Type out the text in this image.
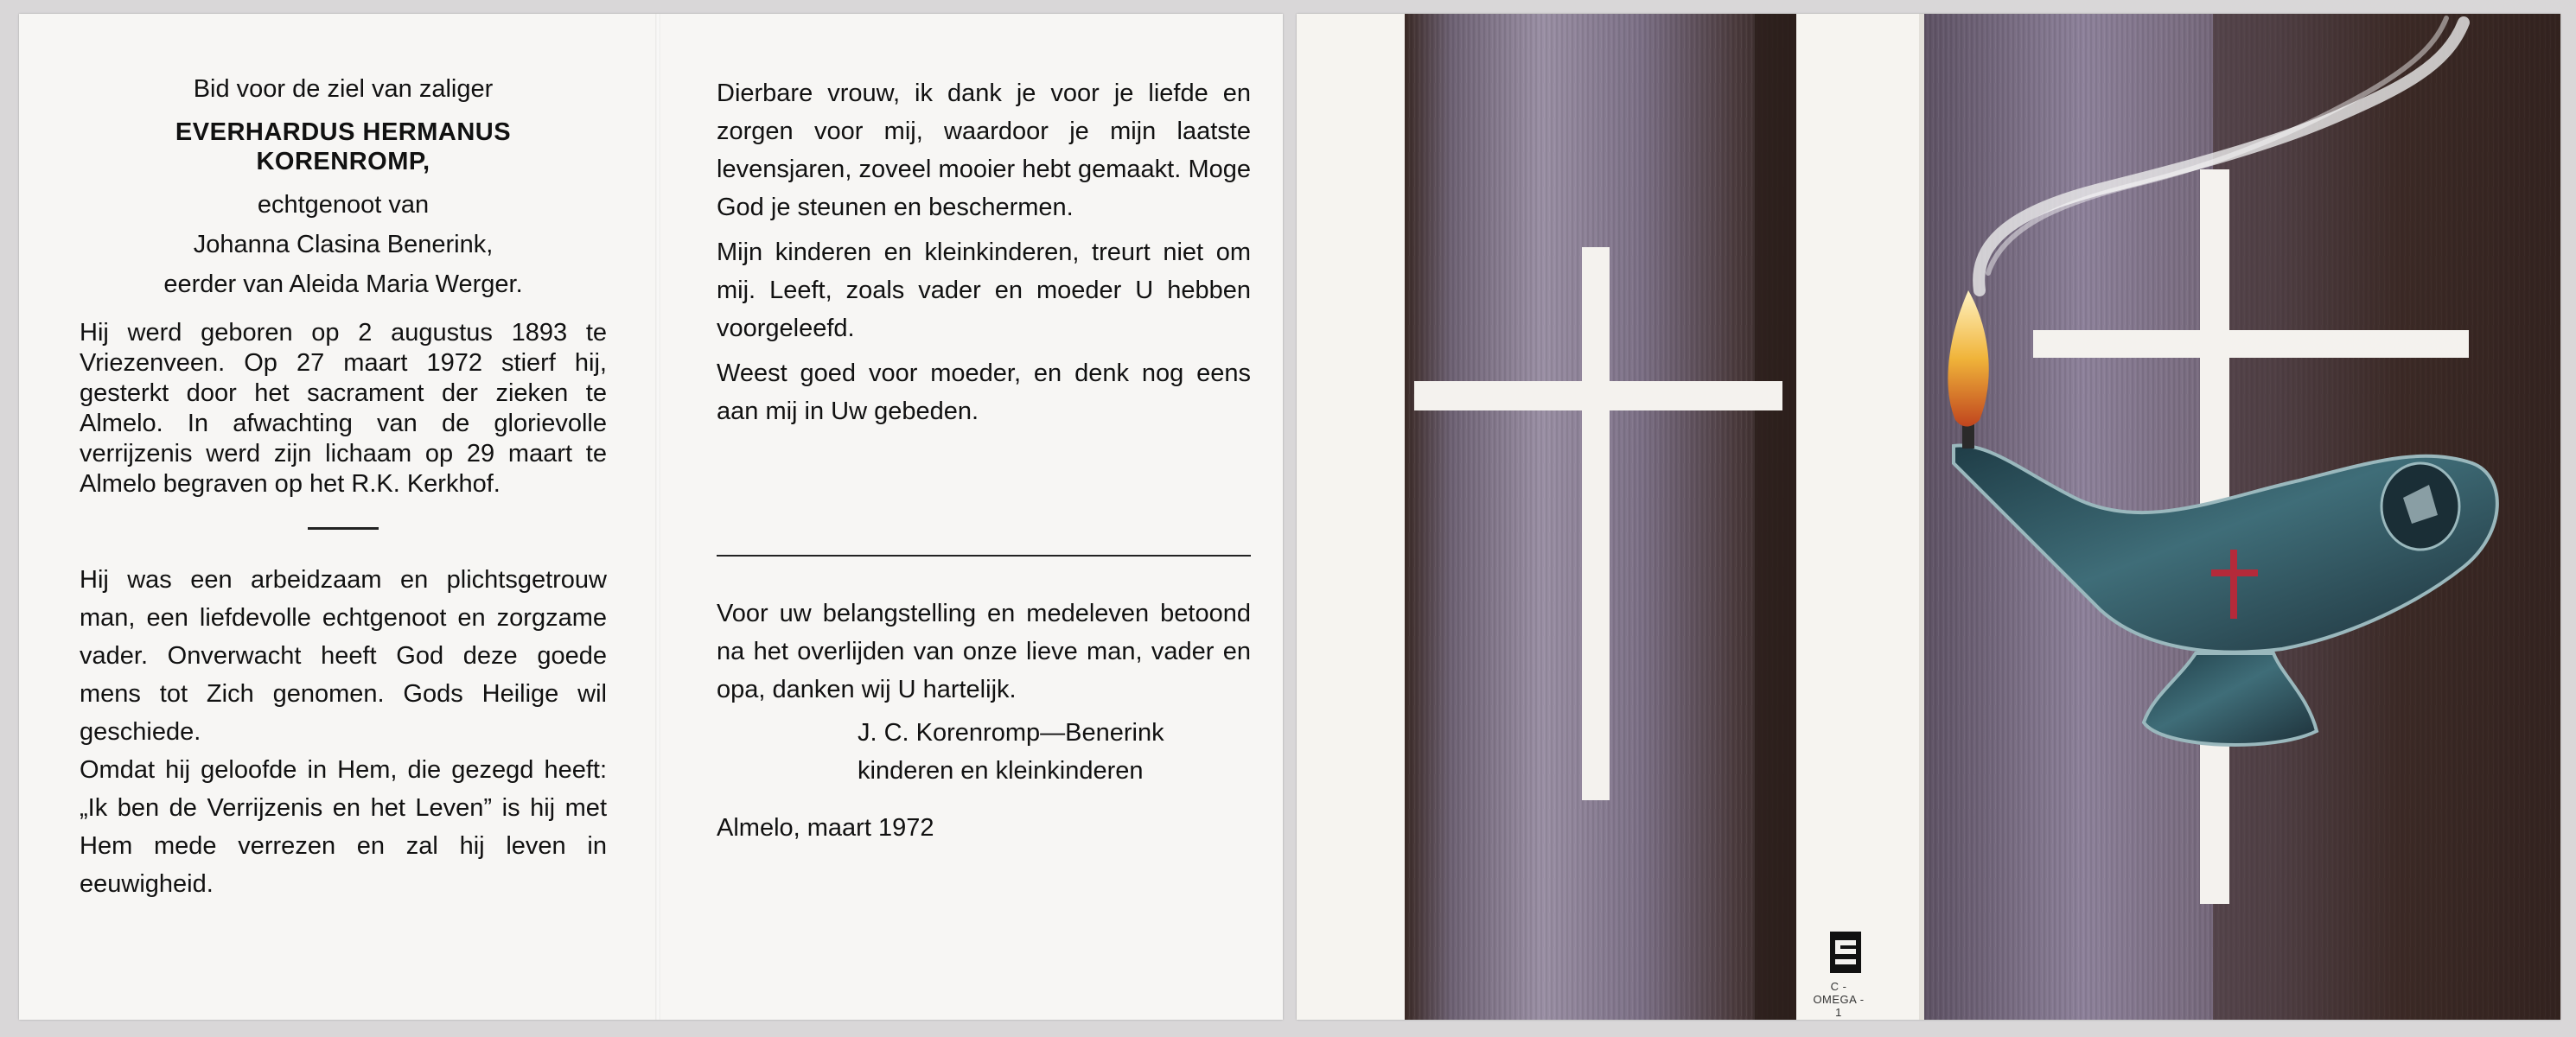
Bid voor de ziel van zaliger

EVERHARDUS HERMANUS

KORENROMP,

echtgenoot van

Johanna Clasina Benerink,

eerder van Aleida Maria Werger.

Hij werd geboren op 2 augustus 1893 te Vriezenveen. Op 27 maart 1972 stierf hij, gesterkt door het sacrament der zieken te Almelo. In afwachting van de glorievolle verrijzenis werd zijn lichaam op 29 maart te Almelo begraven op het R.K. Kerkhof.

Hij was een arbeidzaam en plichtsgetrouw man, een liefdevolle echtgenoot en zorgzame vader. Onverwacht heeft God deze goede mens tot Zich genomen. Gods Heilige wil geschiede.

Omdat hij geloofde in Hem, die gezegd heeft: „Ik ben de Verrijzenis en het Leven” is hij met Hem mede verrezen en zal hij leven in eeuwigheid.

Dierbare vrouw, ik dank je voor je liefde en zorgen voor mij, waardoor je mijn laatste levensjaren, zoveel mooier hebt gemaakt. Moge God je steunen en beschermen.

Mijn kinderen en kleinkinderen, treurt niet om mij. Leeft, zoals vader en moeder U hebben voorgeleefd.

Weest goed voor moeder, en denk nog eens aan mij in Uw gebeden.

Voor uw belangstelling en medeleven betoond na het overlijden van onze lieve man, vader en opa, danken wij U hartelijk.

J. C. Korenromp—Benerink

kinderen en kleinkinderen

Almelo, maart 1972

C - OMEGA - 1
